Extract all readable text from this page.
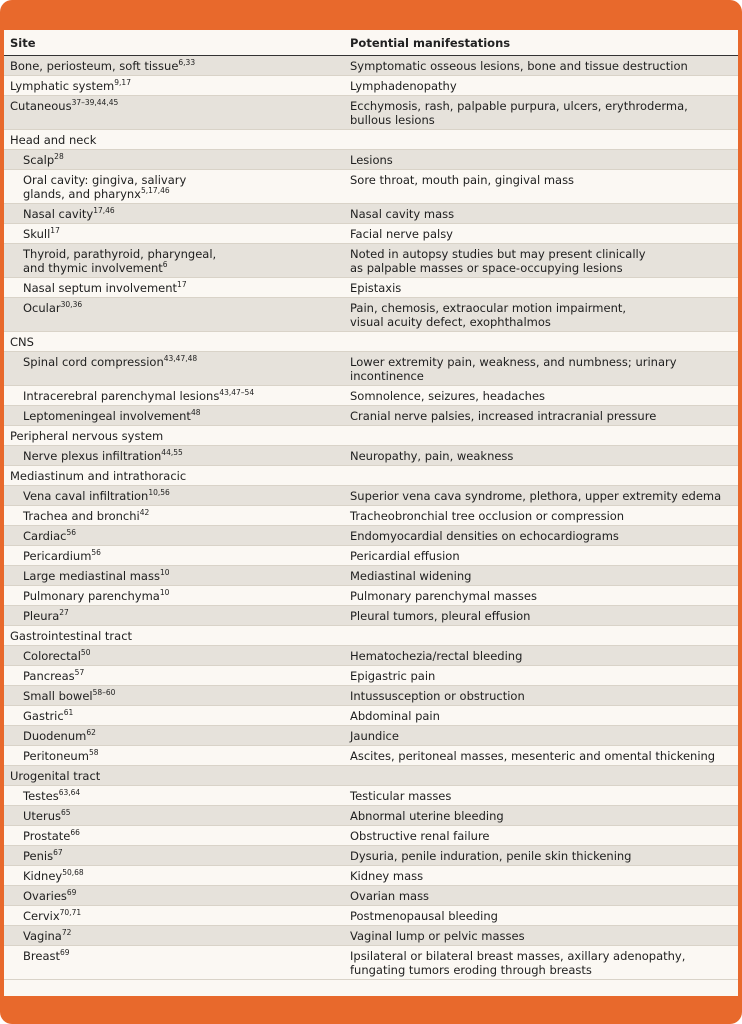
Site	Potential manifestations
Bone, periosteum, soft tissue$^{6,33}$	Symptomatic osseous lesions, bone and tissue destruction
Lymphatic system$^{9,17}$	Lymphadenopathy
Cutaneous$^{37-39,44,45}$	Ecchymosis, rash, palpable purpura, ulcers, erythroderma, bullous lesions
Head and neck	
Scalp$^{28}$	Lesions
Oral cavity: gingiva, salivary
glands, and pharynx$^{5,17,46}$	Sore throat, mouth pain, gingival mass
Nasal cavity$^{17,46}$	Nasal cavity mass
Skull$^{17}$	Facial nerve palsy
Thyroid, parathyroid, pharyngeal,
and thymic involvement$^6$	Noted in autopsy studies but may present clinically
as palpable masses or space-occupying lesions
Nasal septum involvement$^{17}$	Epistaxis
Ocular$^{30,36}$	Pain, chemosis, extraocular motion impairment,
visual acuity defect, exophthalmos
CNS	
Spinal cord compression$^{43,47,48}$	Lower extremity pain, weakness, and numbness; urinary incontinence
Intracerebral parenchymal lesions$^{43,47-54}$	Somnolence, seizures, headaches
Leptomeningeal involvement$^{48}$	Cranial nerve palsies, increased intracranial pressure
Peripheral nervous system	
Nerve plexus infiltration$^{44,55}$	Neuropathy, pain, weakness
Mediastinum and intrathoracic	
Vena caval infiltration$^{10,56}$	Superior vena cava syndrome, plethora, upper extremity edema
Trachea and bronchi$^{42}$	Tracheobronchial tree occlusion or compression
Cardiac$^{56}$	Endomyocardial densities on echocardiograms
Pericardium$^{56}$	Pericardial effusion
Large mediastinal mass$^{10}$	Mediastinal widening
Pulmonary parenchyma$^{10}$	Pulmonary parenchymal masses
Pleura$^{27}$	Pleural tumors, pleural effusion
Gastrointestinal tract	
Colorectal$^{50}$	Hematochezia/rectal bleeding
Pancreas$^{57}$	Epigastric pain
Small bowel$^{58-60}$	Intussusception or obstruction
Gastric$^{61}$	Abdominal pain
Duodenum$^{62}$	Jaundice
Peritoneum$^{58}$	Ascites, peritoneal masses, mesenteric and omental thickening
Urogenital tract	
Testes$^{63,64}$	Testicular masses
Uterus$^{65}$	Abnormal uterine bleeding
Prostate$^{66}$	Obstructive renal failure
Penis$^{67}$	Dysuria, penile induration, penile skin thickening
Kidney$^{50,68}$	Kidney mass
Ovaries$^{69}$	Ovarian mass
Cervix$^{70,71}$	Postmenopausal bleeding
Vagina$^{72}$	Vaginal lump or pelvic masses
Breast$^{69}$	Ipsilateral or bilateral breast masses, axillary adenopathy,
fungating tumors eroding through breasts
